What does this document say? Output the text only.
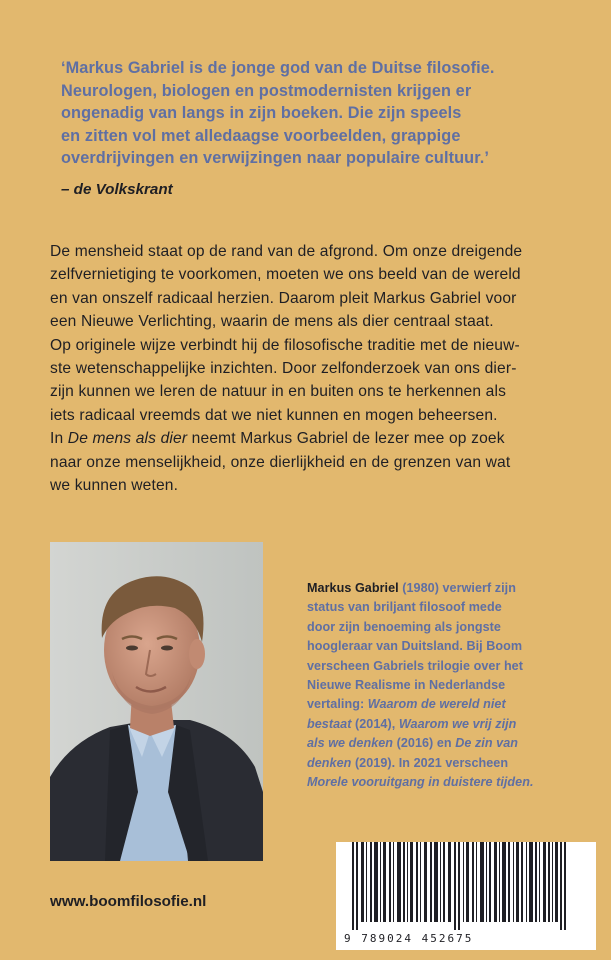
‘Markus Gabriel is de jonge god van de Duitse filosofie.

Neurologen, biologen en postmodernisten krijgen er

ongenadig van langs in zijn boeken. Die zijn speels

en zitten vol met alledaagse voorbeelden, grappige

overdrijvingen en verwijzingen naar populaire cultuur.’

– de Volkskrant

De mensheid staat op de rand van de afgrond. Om onze dreigende

zelfvernietiging te voorkomen, moeten we ons beeld van de wereld

en van onszelf radicaal herzien. Daarom pleit Markus Gabriel voor

een Nieuwe Verlichting, waarin de mens als dier centraal staat.

Op originele wijze verbindt hij de filosofische traditie met de nieuw-

ste wetenschappelijke inzichten. Door zelfonderzoek van ons dier-

zijn kunnen we leren de natuur in en buiten ons te herkennen als

iets radicaal vreemds dat we niet kunnen en mogen beheersen.

In De mens als dier neemt Markus Gabriel de lezer mee op zoek

naar onze menselijkheid, onze dierlijkheid en de grenzen van wat

we kunnen weten.

Markus Gabriel (1980) verwierf zijn

status van briljant filosoof mede

door zijn benoeming als jongste

hoogleraar van Duitsland. Bij Boom

verscheen Gabriels trilogie over het

Nieuwe Realisme in Nederlandse

vertaling: Waarom de wereld niet

bestaat (2014), Waarom we vrij zijn

als we denken (2016) en De zin van

denken (2019). In 2021 verscheen

Morele vooruitgang in duistere tijden.

www.boomfilosofie.nl
9 789024 452675
